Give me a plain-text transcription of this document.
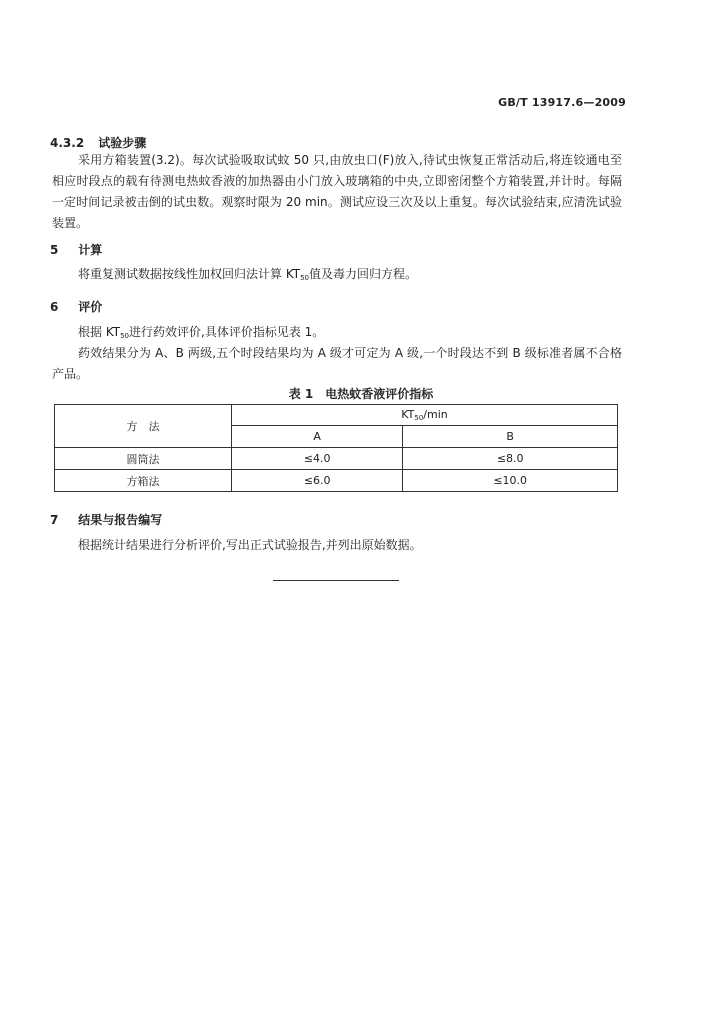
GB/T 13917.6—2009
4.3.2 试验步骤
采用方箱装置(3.2)。每次试验吸取试蚊 50 只,由放虫口(F)放入,待试虫恢复正常活动后,将连铰通电至相应时段点的载有待测电热蚊香液的加热器由小门放入玻璃箱的中央,立即密闭整个方箱装置,并计时。每隔一定时间记录被击倒的试虫数。观察时限为 20 min。测试应设三次及以上重复。每次试验结束,应清洗试验装置。
5 计算
将重复测试数据按线性加权回归法计算 $KT_{50}$值及毒力回归方程。
6 评价
根据 $KT_{50}$进行药效评价,具体评价指标见表 1。
药效结果分为 A、B 两级,五个时段结果均为 A 级才可定为 A 级,一个时段达不到 B 级标准者属不合格产品。
表 1 电热蚊香液评价指标
方　法	$KT_{50}/\min$	
	A	B
圆筒法	≤4.0	≤8.0
方箱法	≤6.0	≤10.0
7 结果与报告编写
根据统计结果进行分析评价,写出正式试验报告,并列出原始数据。
